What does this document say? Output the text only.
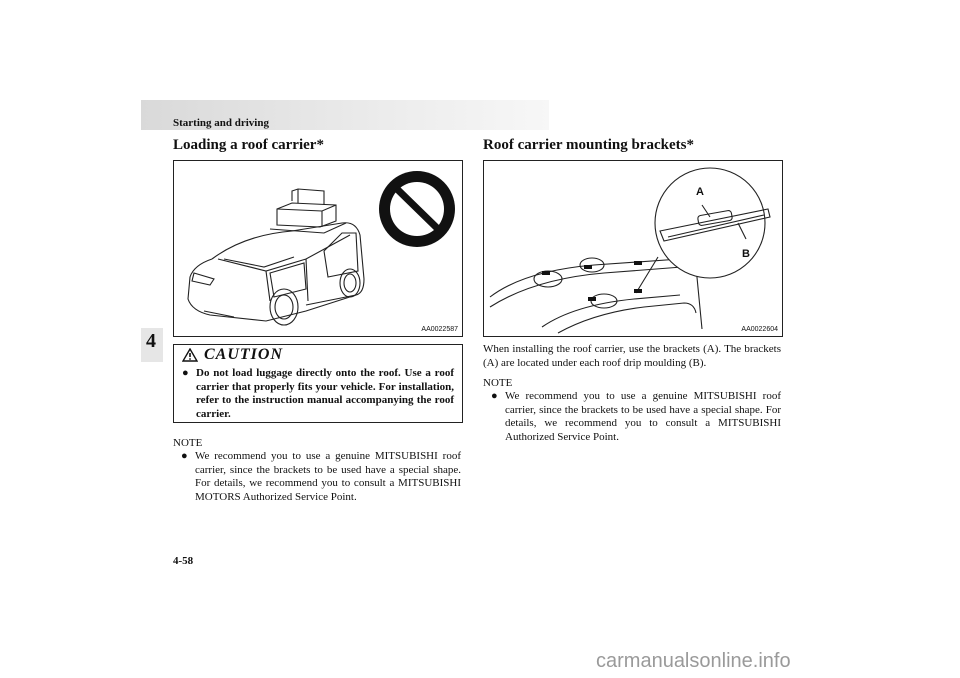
Starting and driving
4
Loading a roof carrier*	Roof carrier mounting brackets*
AA0022587
A
B
AA0022604
CAUTION
● Do not load luggage directly onto the roof. Use a roof carrier that properly fits your vehicle. For installation, refer to the instruction manual accompanying the roof carrier.
NOTE
● We recommend you to use a genuine MITSUBISHI roof carrier, since the brackets to be used have a special shape. For details, we recommend you to consult a MITSUBISHI MOTORS Authorized Service Point.
When installing the roof carrier, use the brackets (A). The brackets (A) are located under each roof drip moulding (B).
NOTE
● We recommend you to use a genuine MITSUBISHI roof carrier, since the brackets to be used have a special shape. For details, we recommend you to consult a MITSUBISHI Authorized Service Point.
4-58
carmanualsonline.info
